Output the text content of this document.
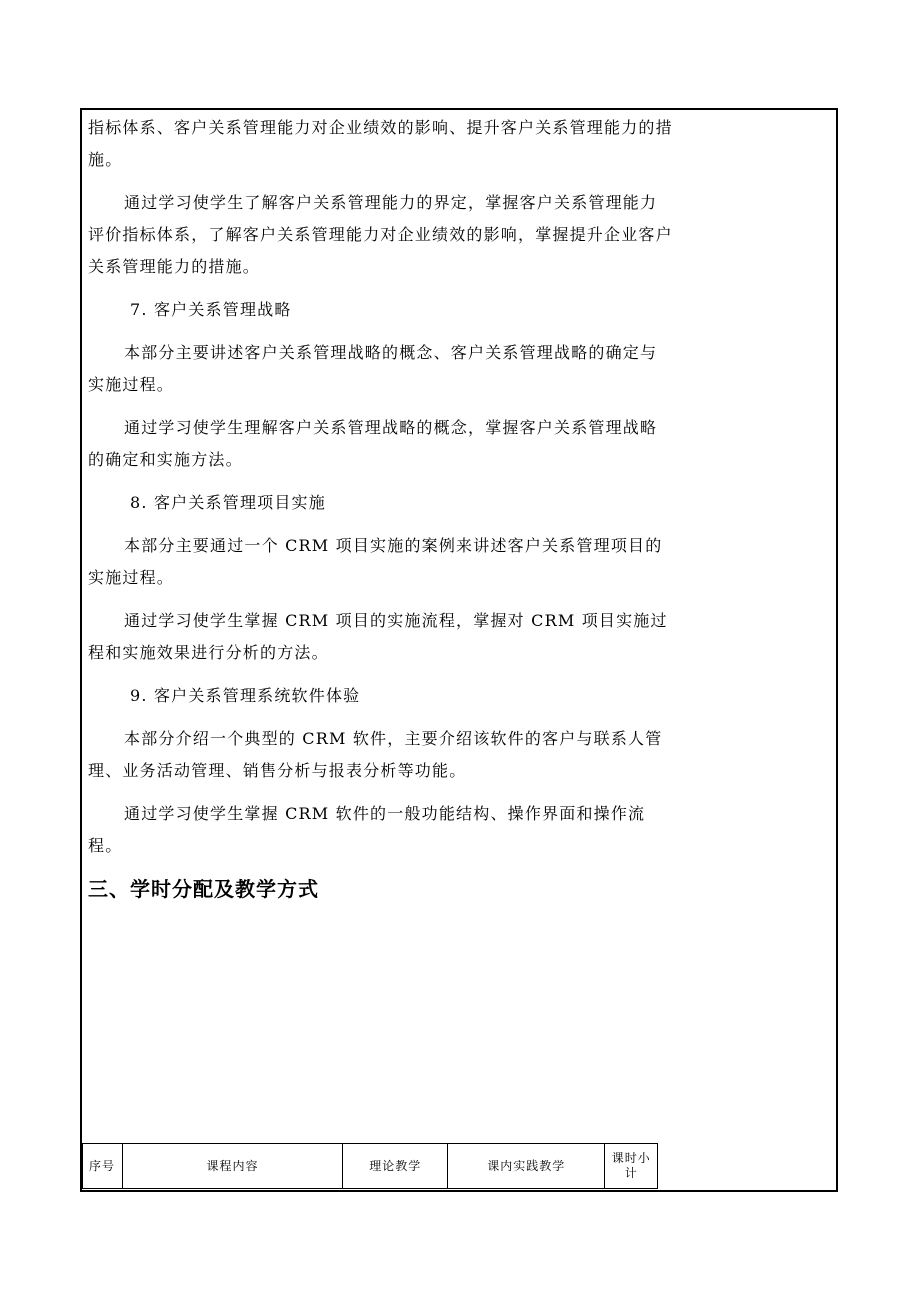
指标体系、客户关系管理能力对企业绩效的影响、提升客户关系管理能力的措施。

通过学习使学生了解客户关系管理能力的界定，掌握客户关系管理能力评价指标体系，了解客户关系管理能力对企业绩效的影响，掌握提升企业客户关系管理能力的措施。

7. 客户关系管理战略

本部分主要讲述客户关系管理战略的概念、客户关系管理战略的确定与实施过程。

通过学习使学生理解客户关系管理战略的概念，掌握客户关系管理战略的确定和实施方法。

8. 客户关系管理项目实施

本部分主要通过一个 CRM 项目实施的案例来讲述客户关系管理项目的实施过程。

通过学习使学生掌握 CRM 项目的实施流程，掌握对 CRM 项目实施过程和实施效果进行分析的方法。

9. 客户关系管理系统软件体验

本部分介绍一个典型的 CRM 软件，主要介绍该软件的客户与联系人管理、业务活动管理、销售分析与报表分析等功能。

通过学习使学生掌握 CRM 软件的一般功能结构、操作界面和操作流程。

三、学时分配及教学方式
序号	课程内容	理论教学	课内实践教学	课时小计
